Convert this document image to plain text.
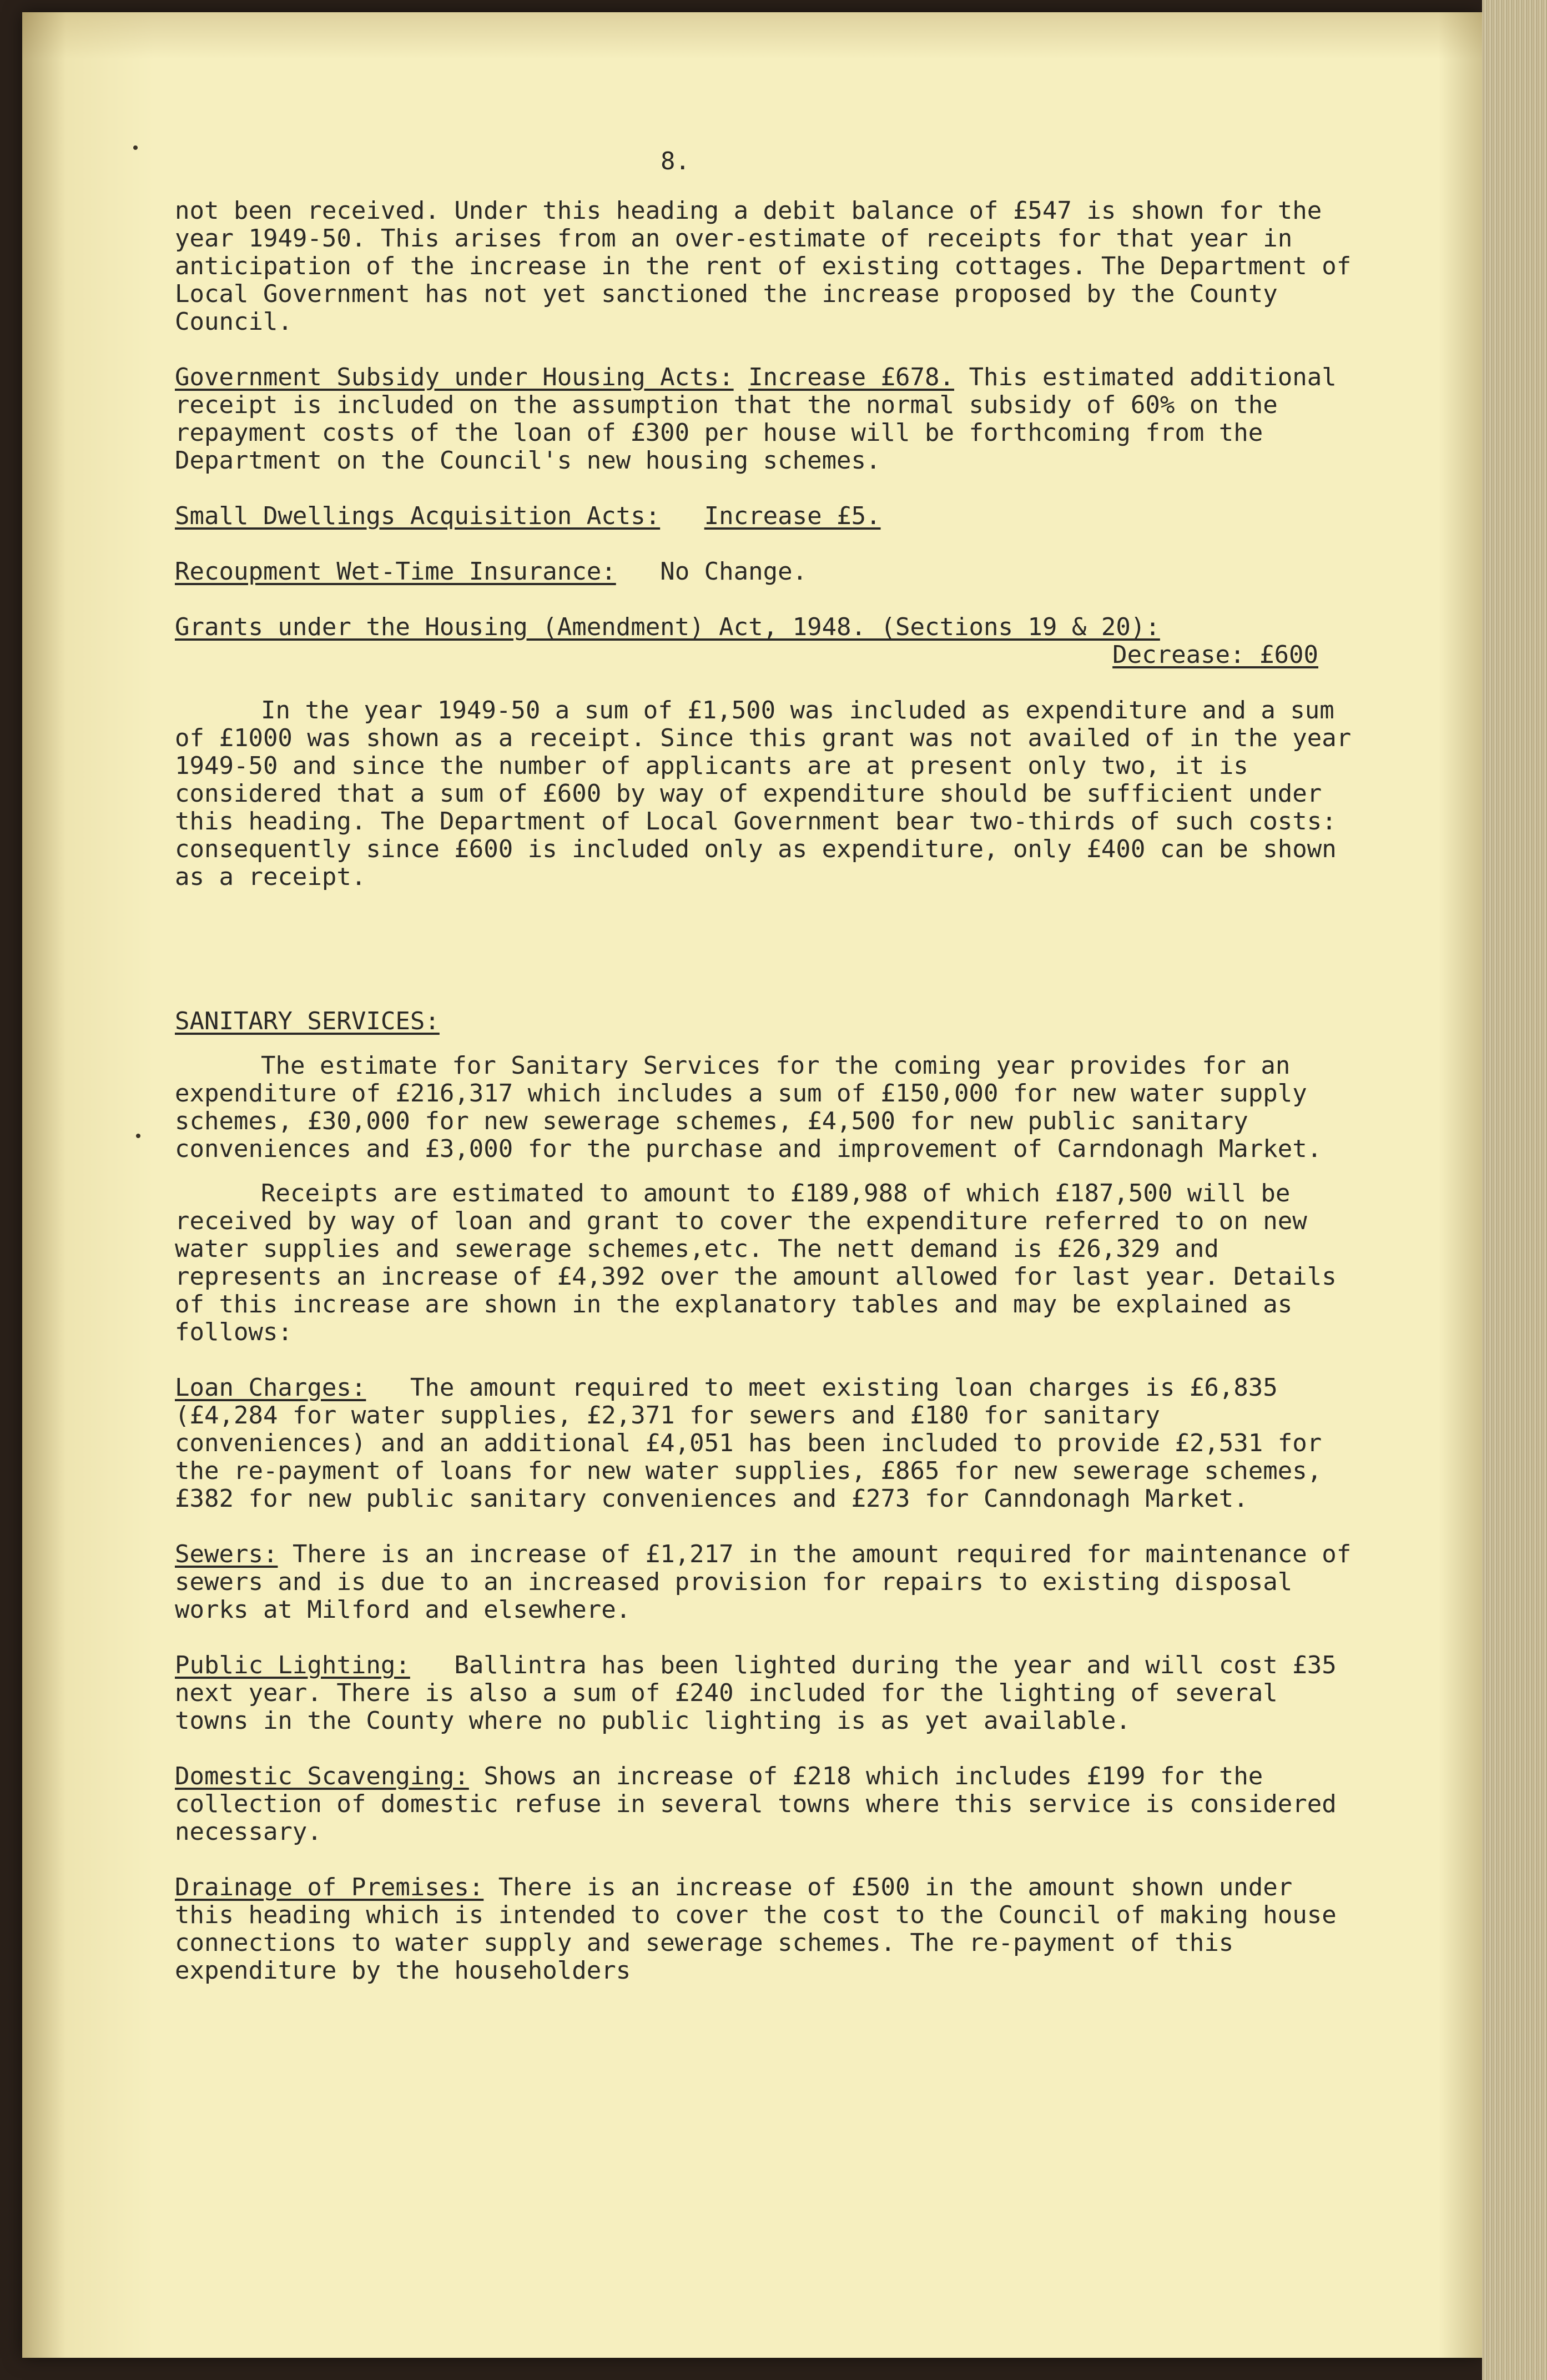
8.

not been received. Under this heading a debit balance of £547 is shown for the year 1949-50. This arises from an over-estimate of receipts for that year in anticipation of the increase in the rent of existing cottages. The Department of Local Government has not yet sanctioned the increase proposed by the County Council.

Government Subsidy under Housing Acts: Increase £678. This estimated additional receipt is included on the assumption that the normal subsidy of 60% on the repayment costs of the loan of £300 per house will be forthcoming from the Department on the Council's new housing schemes.

Small Dwellings Acquisition Acts: Increase £5.

Recoupment Wet-Time Insurance: No Change.

Grants under the Housing (Amendment) Act, 1948. (Sections 19 & 20):

Decrease: £600

In the year 1949-50 a sum of £1,500 was included as expenditure and a sum of £1000 was shown as a receipt. Since this grant was not availed of in the year 1949-50 and since the number of applicants are at present only two, it is considered that a sum of £600 by way of expenditure should be sufficient under this heading. The Department of Local Government bear two-thirds of such costs: consequently since £600 is included only as expenditure, only £400 can be shown as a receipt.

SANITARY SERVICES:

The estimate for Sanitary Services for the coming year provides for an expenditure of £216,317 which includes a sum of £150,000 for new water supply schemes, £30,000 for new sewerage schemes, £4,500 for new public sanitary conveniences and £3,000 for the purchase and improvement of Carndonagh Market.

Receipts are estimated to amount to £189,988 of which £187,500 will be received by way of loan and grant to cover the expenditure referred to on new water supplies and sewerage schemes,etc. The nett demand is £26,329 and represents an increase of £4,392 over the amount allowed for last year. Details of this increase are shown in the explanatory tables and may be explained as follows:

Loan Charges: The amount required to meet existing loan charges is £6,835 (£4,284 for water supplies, £2,371 for sewers and £180 for sanitary conveniences) and an additional £4,051 has been included to provide £2,531 for the re-payment of loans for new water supplies, £865 for new sewerage schemes, £382 for new public sanitary conveniences and £273 for Canndonagh Market.

Sewers: There is an increase of £1,217 in the amount required for maintenance of sewers and is due to an increased provision for repairs to existing disposal works at Milford and elsewhere.

Public Lighting: Ballintra has been lighted during the year and will cost £35 next year. There is also a sum of £240 included for the lighting of several towns in the County where no public lighting is as yet available.

Domestic Scavenging: Shows an increase of £218 which includes £199 for the collection of domestic refuse in several towns where this service is considered necessary.

Drainage of Premises: There is an increase of £500 in the amount shown under this heading which is intended to cover the cost to the Council of making house connections to water supply and sewerage schemes. The re-payment of this expenditure by the householders
